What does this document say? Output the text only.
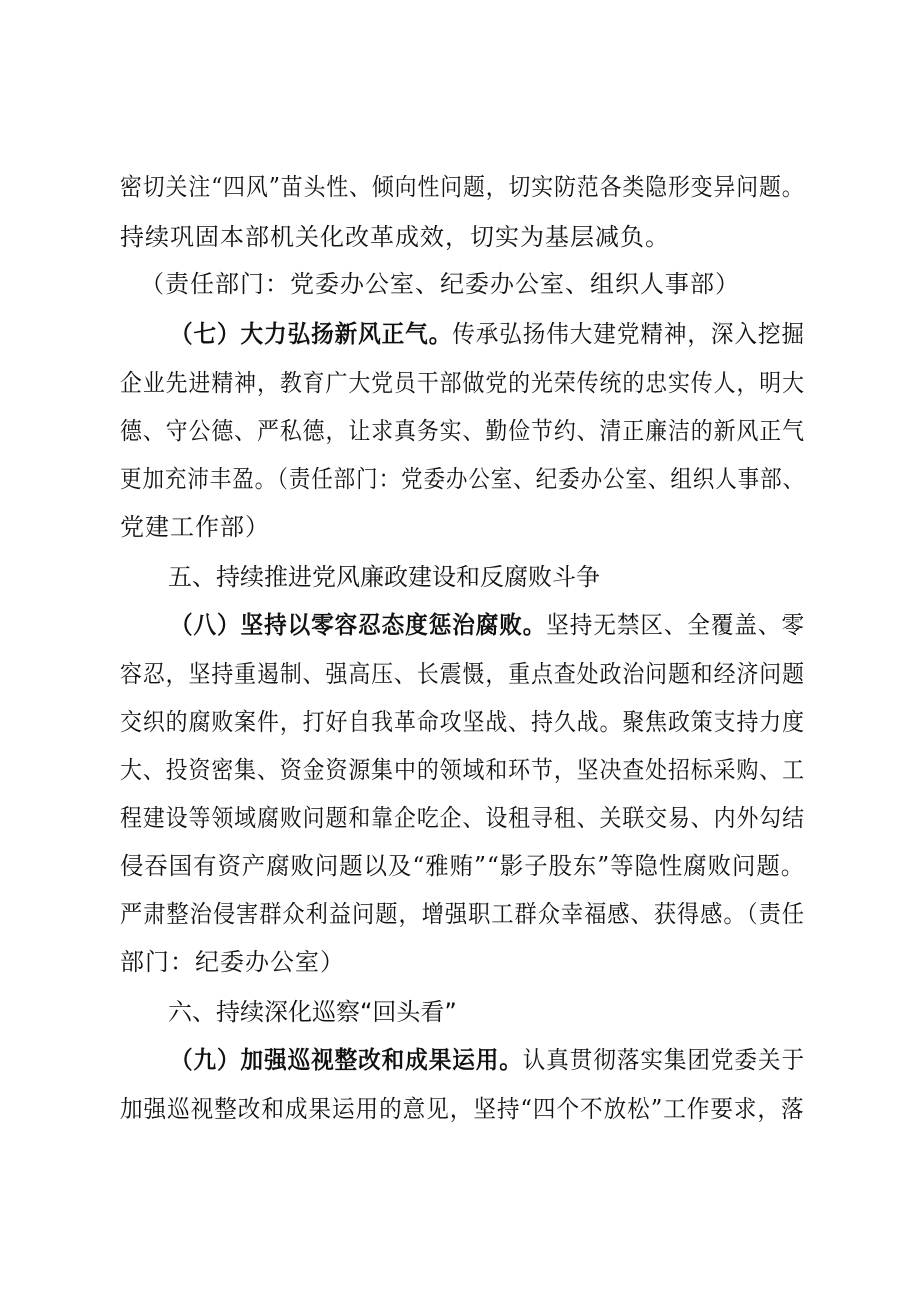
密切关注“四风”苗头性、倾向性问题，切实防范各类隐形变异问题。
持续巩固本部机关化改革成效，切实为基层减负。
（责任部门：党委办公室、纪委办公室、组织人事部）
（七）大力弘扬新风正气。传承弘扬伟大建党精神，深入挖掘
企业先进精神，教育广大党员干部做党的光荣传统的忠实传人，明大
德、守公德、严私德，让求真务实、勤俭节约、清正廉洁的新风正气
更加充沛丰盈。（责任部门：党委办公室、纪委办公室、组织人事部、
党建工作部）
五、持续推进党风廉政建设和反腐败斗争
（八）坚持以零容忍态度惩治腐败。坚持无禁区、全覆盖、零
容忍，坚持重遏制、强高压、长震慑，重点查处政治问题和经济问题
交织的腐败案件，打好自我革命攻坚战、持久战。聚焦政策支持力度
大、投资密集、资金资源集中的领域和环节，坚决查处招标采购、工
程建设等领域腐败问题和靠企吃企、设租寻租、关联交易、内外勾结
侵吞国有资产腐败问题以及“雅贿”“影子股东”等隐性腐败问题。
严肃整治侵害群众利益问题，增强职工群众幸福感、获得感。（责任
部门：纪委办公室）
六、持续深化巡察“回头看”
（九）加强巡视整改和成果运用。认真贯彻落实集团党委关于
加强巡视整改和成果运用的意见，坚持“四个不放松”工作要求，落
